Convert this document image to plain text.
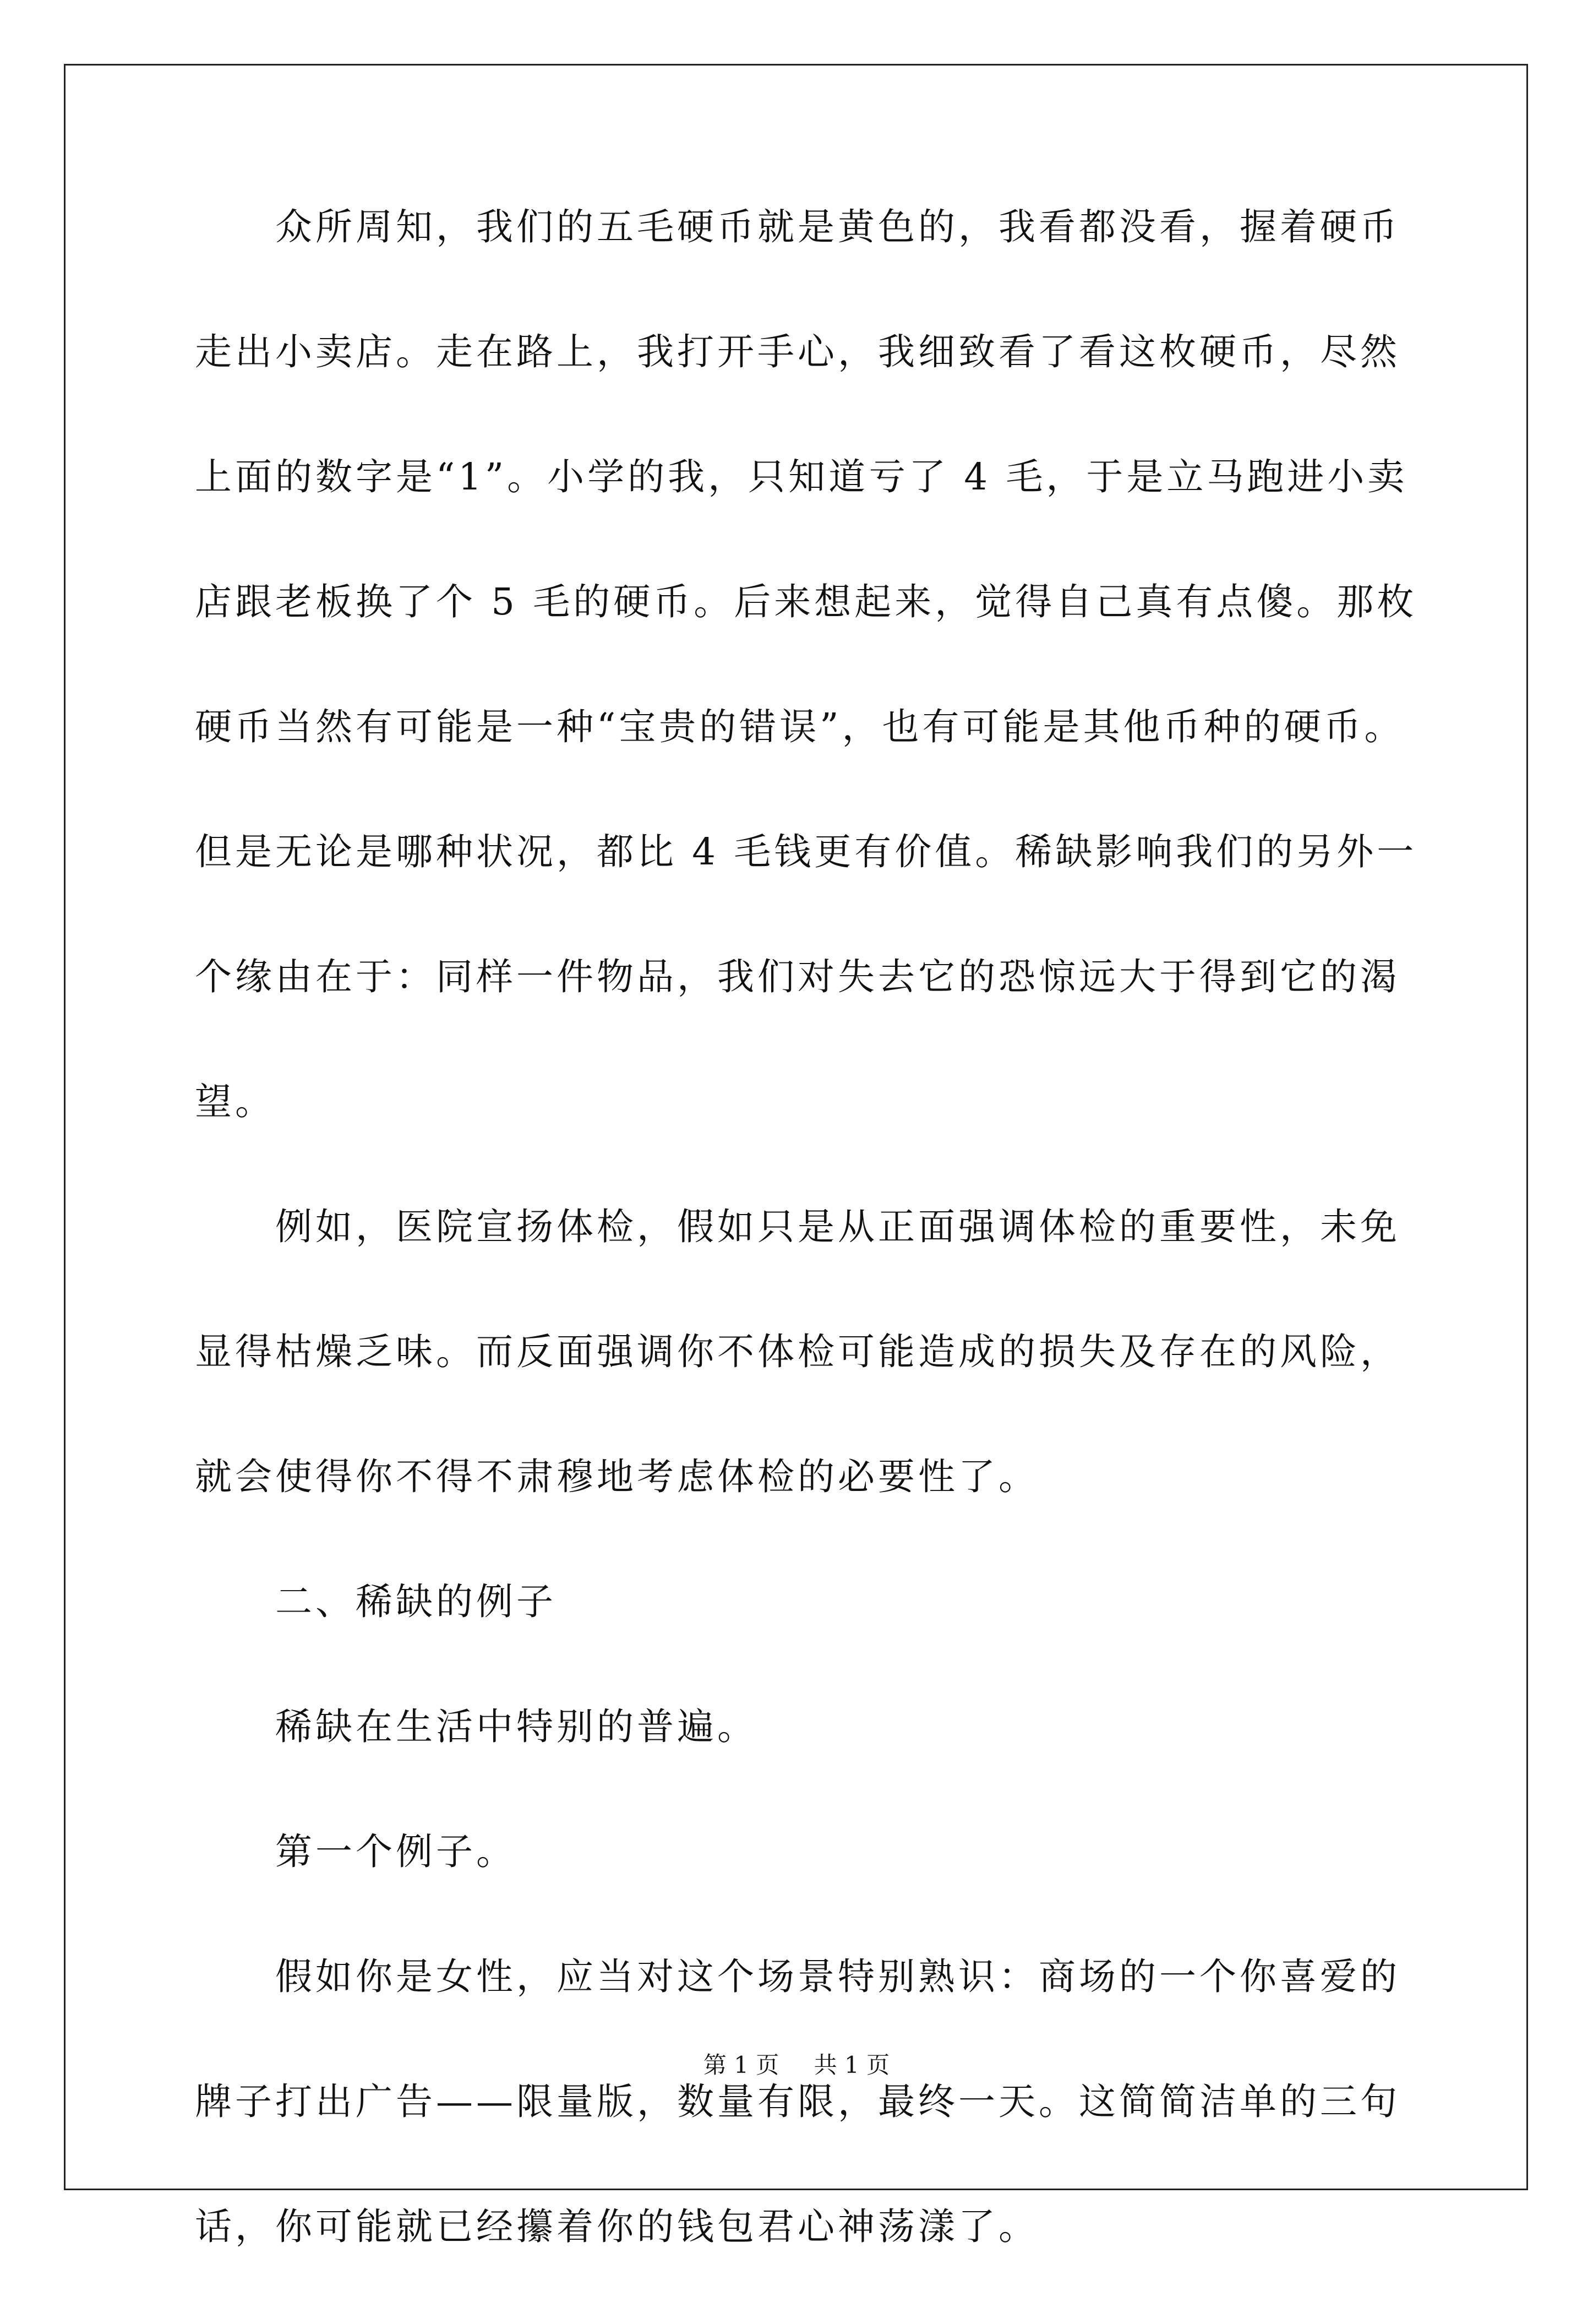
众所周知，我们的五毛硬币就是黄色的，我看都没看，握着硬币
走出小卖店。走在路上，我打开手心，我细致看了看这枚硬币，尽然
上面的数字是“1”。小学的我，只知道亏了 4 毛，于是立马跑进小卖
店跟老板换了个 5 毛的硬币。后来想起来，觉得自己真有点傻。那枚
硬币当然有可能是一种“宝贵的错误”，也有可能是其他币种的硬币。
但是无论是哪种状况，都比 4 毛钱更有价值。稀缺影响我们的另外一
个缘由在于：同样一件物品，我们对失去它的恐惊远大于得到它的渴
望。
例如，医院宣扬体检，假如只是从正面强调体检的重要性，未免
显得枯燥乏味。而反面强调你不体检可能造成的损失及存在的风险，
就会使得你不得不肃穆地考虑体检的必要性了。
二、稀缺的例子
稀缺在生活中特别的普遍。
第一个例子。
假如你是女性，应当对这个场景特别熟识：商场的一个你喜爱的
牌子打出广告——限量版，数量有限，最终一天。这简简洁单的三句
话，你可能就已经攥着你的钱包君心神荡漾了。
第 1 页 共 1 页
